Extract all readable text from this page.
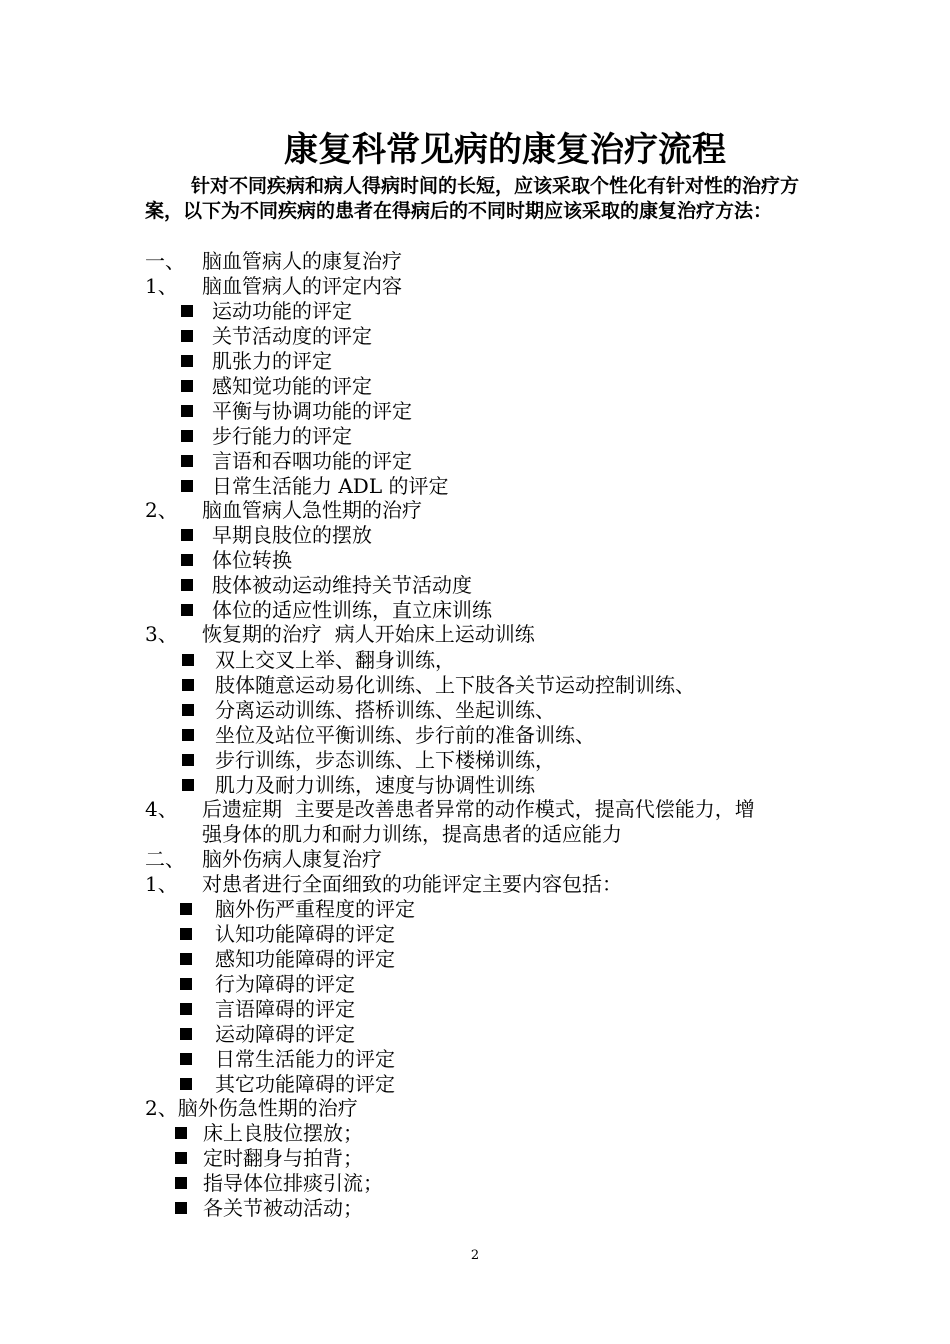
康复科常见病的康复治疗流程

针对不同疾病和病人得病时间的长短，应该采取个性化有针对性的治疗方案，以下为不同疾病的患者在得病后的不同时期应该采取的康复治疗方法：

一、 脑血管病人的康复治疗
1、 脑血管病人的评定内容
运动功能的评定
关节活动度的评定
肌张力的评定
感知觉功能的评定
平衡与协调功能的评定
步行能力的评定
言语和吞咽功能的评定
日常生活能力 ADL 的评定
2、 脑血管病人急性期的治疗
早期良肢位的摆放
体位转换
肢体被动运动维持关节活动度
体位的适应性训练，直立床训练
3、 恢复期的治疗  病人开始床上运动训练
双上交叉上举、翻身训练，
肢体随意运动易化训练、上下肢各关节运动控制训练、
分离运动训练、搭桥训练、坐起训练、
坐位及站位平衡训练、步行前的准备训练、
步行训练，步态训练、上下楼梯训练，
肌力及耐力训练，速度与协调性训练
4、 后遗症期  主要是改善患者异常的动作模式，提高代偿能力，增
强身体的肌力和耐力训练，提高患者的适应能力
二、 脑外伤病人康复治疗
1、 对患者进行全面细致的功能评定主要内容包括：
脑外伤严重程度的评定
认知功能障碍的评定
感知功能障碍的评定
行为障碍的评定
言语障碍的评定
运动障碍的评定
日常生活能力的评定
其它功能障碍的评定
2、脑外伤急性期的治疗
床上良肢位摆放；
定时翻身与拍背；
指导体位排痰引流；
各关节被动活动；
2
